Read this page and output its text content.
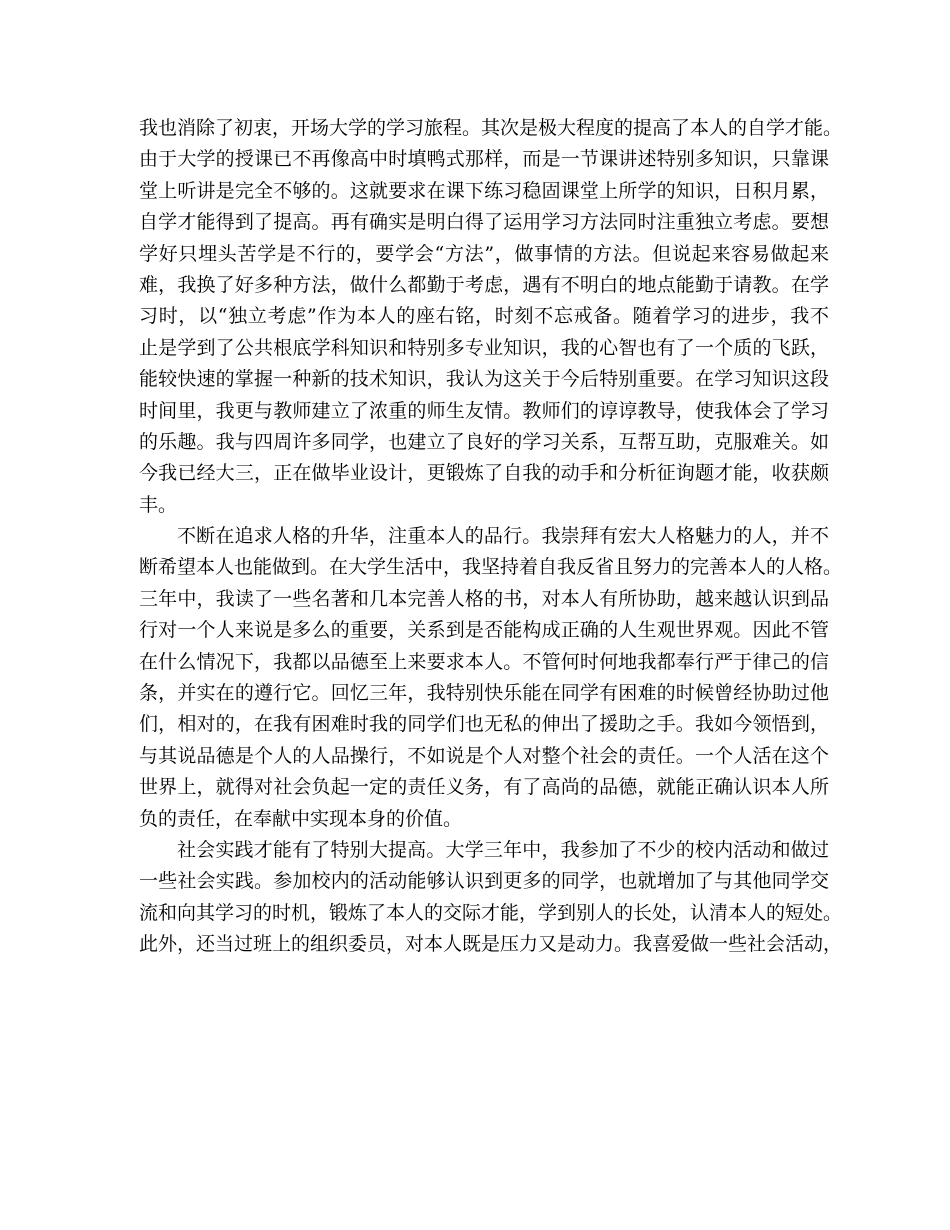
我也消除了初衷，开场大学的学习旅程。其次是极大程度的提高了本人的自学才能。
由于大学的授课已不再像高中时填鸭式那样，而是一节课讲述特别多知识，只靠课
堂上听讲是完全不够的。这就要求在课下练习稳固课堂上所学的知识，日积月累，
自学才能得到了提高。再有确实是明白得了运用学习方法同时注重独立考虑。要想
学好只埋头苦学是不行的，要学会“方法”，做事情的方法。但说起来容易做起来
难，我换了好多种方法，做什么都勤于考虑，遇有不明白的地点能勤于请教。在学
习时，以“独立考虑”作为本人的座右铭，时刻不忘戒备。随着学习的进步，我不
止是学到了公共根底学科知识和特别多专业知识，我的心智也有了一个质的飞跃，
能较快速的掌握一种新的技术知识，我认为这关于今后特别重要。在学习知识这段
时间里，我更与教师建立了浓重的师生友情。教师们的谆谆教导，使我体会了学习
的乐趣。我与四周许多同学，也建立了良好的学习关系，互帮互助，克服难关。如
今我已经大三，正在做毕业设计，更锻炼了自我的动手和分析征询题才能，收获颇
丰。
不断在追求人格的升华，注重本人的品行。我崇拜有宏大人格魅力的人，并不
断希望本人也能做到。在大学生活中，我坚持着自我反省且努力的完善本人的人格。
三年中，我读了一些名著和几本完善人格的书，对本人有所协助，越来越认识到品
行对一个人来说是多么的重要，关系到是否能构成正确的人生观世界观。因此不管
在什么情况下，我都以品德至上来要求本人。不管何时何地我都奉行严于律己的信
条，并实在的遵行它。回忆三年，我特别快乐能在同学有困难的时候曾经协助过他
们，相对的，在我有困难时我的同学们也无私的伸出了援助之手。我如今领悟到，
与其说品德是个人的人品操行，不如说是个人对整个社会的责任。一个人活在这个
世界上，就得对社会负起一定的责任义务，有了高尚的品德，就能正确认识本人所
负的责任，在奉献中实现本身的价值。
社会实践才能有了特别大提高。大学三年中，我参加了不少的校内活动和做过
一些社会实践。参加校内的活动能够认识到更多的同学，也就增加了与其他同学交
流和向其学习的时机，锻炼了本人的交际才能，学到别人的长处，认清本人的短处。
此外，还当过班上的组织委员，对本人既是压力又是动力。我喜爱做一些社会活动，
